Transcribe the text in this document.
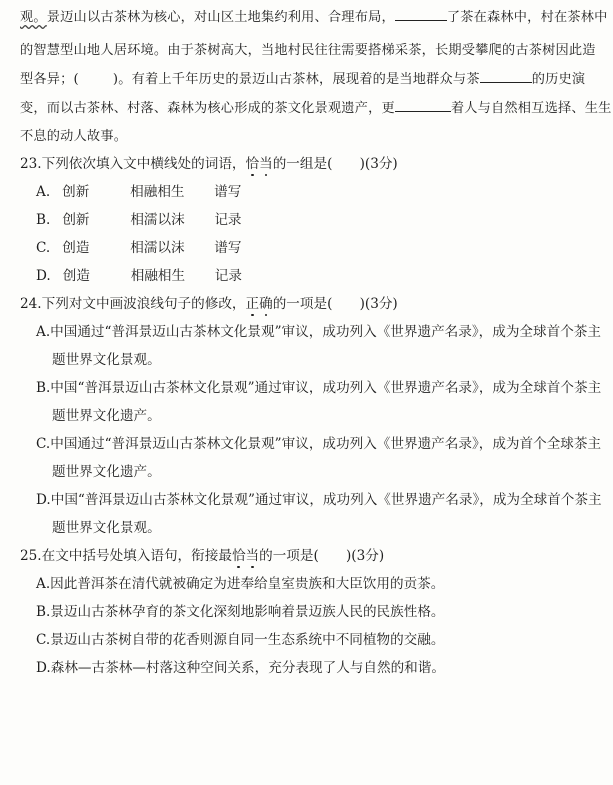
观。景迈山以古茶林为核心，对山区土地集约利用、合理布局，	了茶在森林中，村在茶林中
的智慧型山地人居环境。由于茶树高大，当地村民往往需要搭梯采茶，长期受攀爬的古茶树因此造
型各异；(	)。有着上千年历史的景迈山古茶林，展现着的是当地群众与茶	的历史演
变，而以古茶林、村落、森林为核心形成的茶文化景观遗产，更	着人与自然相互选择、生生
不息的动人故事。
23.下列依次填入文中横线处的词语，恰当的一组是(　　)(3分)
A. 创新	相融相生 谱写
B. 创新	相濡以沫 记录
C. 创造	相濡以沫 谱写
D. 创造	相融相生 记录
24.下列对文中画波浪线句子的修改，正确的一项是(　　)(3分)
A.中国通过“普洱景迈山古茶林文化景观”审议，成功列入《世界遗产名录》，成为全球首个茶主
题世界文化景观。
B.中国“普洱景迈山古茶林文化景观”通过审议，成功列入《世界遗产名录》，成为全球首个茶主
题世界文化遗产。
C.中国通过“普洱景迈山古茶林文化景观”审议，成功列入《世界遗产名录》，成为首个全球茶主
题世界文化遗产。
D.中国“普洱景迈山古茶林文化景观”通过审议，成功列入《世界遗产名录》，成为全球首个茶主
题世界文化景观。
25.在文中括号处填入语句，衔接最恰当的一项是(　　)(3分)
A.因此普洱茶在清代就被确定为进奉给皇室贵族和大臣饮用的贡茶。
B.景迈山古茶林孕育的茶文化深刻地影响着景迈族人民的民族性格。
C.景迈山古茶树自带的花香则源自同一生态系统中不同植物的交融。
D.森林—古茶林—村落这种空间关系，充分表现了人与自然的和谐。
